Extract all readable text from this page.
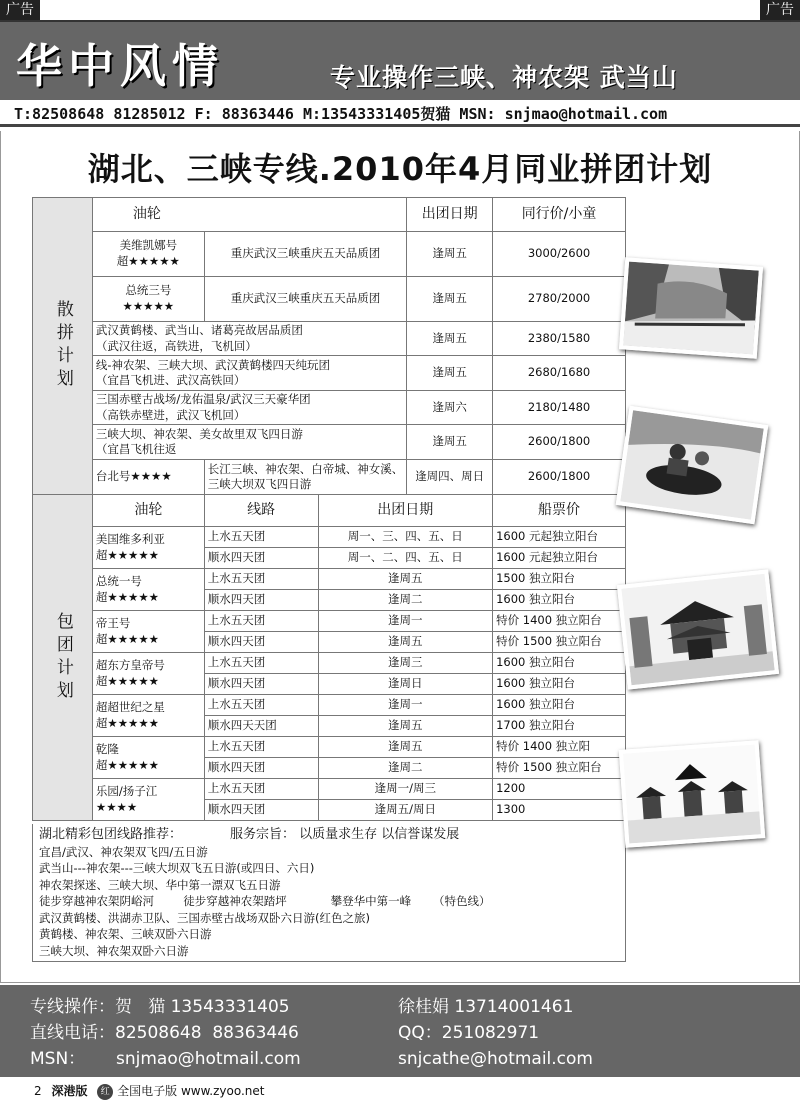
广告	广告
华中风情	专业操作三峡、神农架 武当山
T:82508648 81285012 F: 88363446 M:13543331405贺猫 MSN: snjmao@hotmail.com
湖北、三峡专线.2010年4月同业拼团计划
散拼计划	油轮			出团日期	同行价/小童

	美维凯娜号
超★★★★★	重庆武汉三峡重庆五天品质团		逢周五	3000/2600

	总统三号
★★★★★	重庆武汉三峡重庆五天品质团		逢周五	2780/2000

	武汉黄鹤楼、武当山、诸葛亮故居品质团
（武汉往返，高铁进，飞机回）			逢周五	2380/1580

	线-神农架、三峡大坝、武汉黄鹤楼四天纯玩团
（宜昌飞机进、武汉高铁回）			逢周五	2680/1680

	三国赤壁古战场/龙佑温泉/武汉三天豪华团
（高铁赤壁进，武汉飞机回）			逢周六	2180/1480

	三峡大坝、神农架、美女故里双飞四日游
（宜昌飞机往返			逢周五	2600/1800

	台北号★★★★	长江三峡、神农架、白帝城、神女溪、三峡大坝双飞四日游		逢周四、周日	2600/1800

包团计划	油轮	线路	出团日期		船票价

	美国维多利亚
超★★★★★	上水五天团	周一、三、四、五、日		1600 元起独立阳台

		顺水四天团	周一、二、四、五、日		1600 元起独立阳台

	总统一号
超★★★★★	上水五天团	逢周五		1500 独立阳台

		顺水四天团	逢周二		1600 独立阳台

	帝王号
超★★★★★	上水五天团	逢周一		特价 1400 独立阳台

		顺水四天团	逢周五		特价 1500 独立阳台

	超东方皇帝号
超★★★★★	上水五天团	逢周三		1600 独立阳台

		顺水四天团	逢周日		1600 独立阳台

	超超世纪之星
超★★★★★	上水五天团	逢周一		1600 独立阳台

		顺水四天天团	逢周五		1700 独立阳台

	乾隆
超★★★★★	上水五天团	逢周五		特价 1400 独立阳

		顺水四天团	逢周二		特价 1500 独立阳台

	乐园/扬子江
★★★★	上水五天团	逢周一/周三		1200

		顺水四天团	逢周五/周日		1300
湖北精彩包团线路推荐：	服务宗旨： 以质量求生存 以信誉谋发展
宜昌/武汉、神农架双飞四/五日游
武当山---神农架---三峡大坝双飞五日游(或四日、六日)
神农架探迷、三峡大坝、华中第一漂双飞五日游
徒步穿越神农架阴峪河        徒步穿越神农架踏坪            攀登华中第一峰      （特色线）
武汉黄鹤楼、洪湖赤卫队、三国赤壁古战场双卧六日游(红色之旅)
黄鹤楼、神农架、三峡双卧六日游
三峡大坝、神农架双卧六日游
专线操作：贺   猫 13543331405	徐桂娟 13714001461
直线电话：82508648  88363446	QQ：251082971
MSN： snjmao@hotmail.com	snjcathe@hotmail.com
2 深港版 红 全国电子版 www.zyoo.net
